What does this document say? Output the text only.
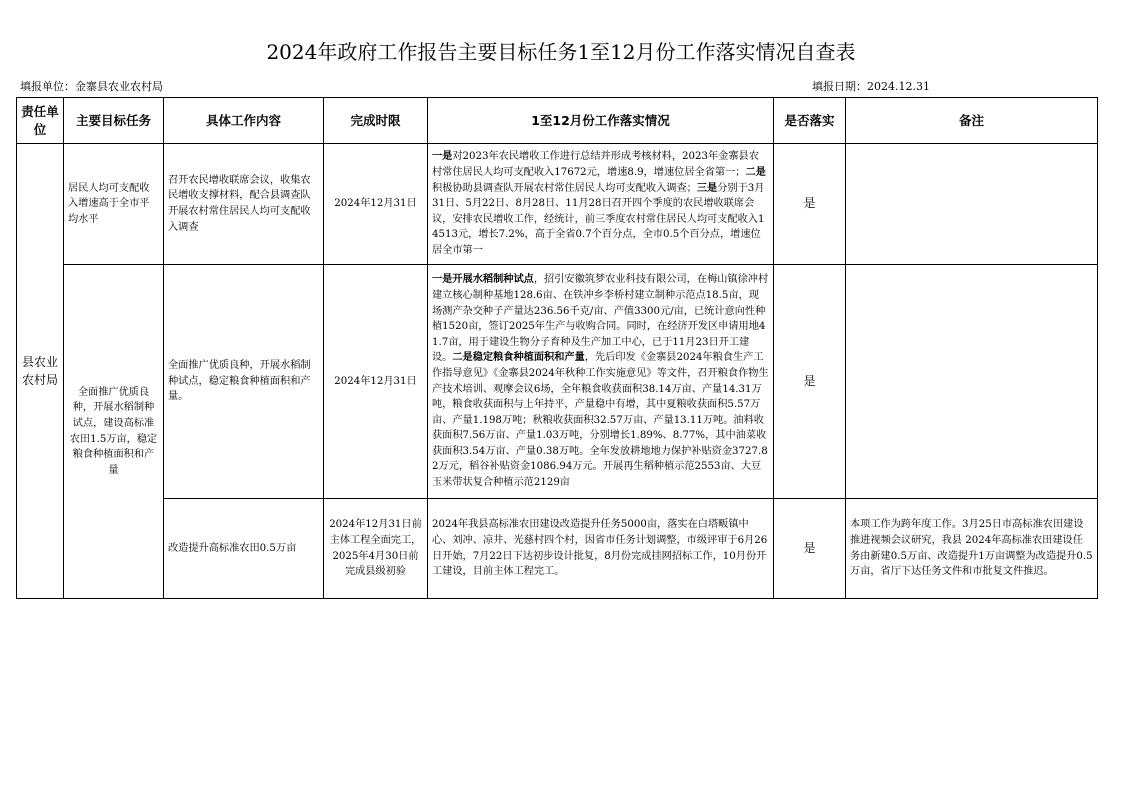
2024年政府工作报告主要目标任务1至12月份工作落实情况自查表
填报单位：金寨县农业农村局	填报日期：2024.12.31
责任单位	主要目标任务	具体工作内容	完成时限	1至12月份工作落实情况	是否落实	备注
县农业农村局	居民人均可支配收入增速高于全市平均水平	召开农民增收联席会议，收集农民增收支撑材料，配合县调查队开展农村常住居民人均可支配收入调查	2024年12月31日	一是对2023年农民增收工作进行总结并形成考核材料，2023年金寨县农村常住居民人均可支配收入17672元，增速8.9，增速位居全省第一；二是积极协助县调查队开展农村常住居民人均可支配收入调查；三是分别于3月31日、5月22日、8月28日、11月28日召开四个季度的农民增收联席会议，安排农民增收工作，经统计，前三季度农村常住居民人均可支配收入14513元，增长7.2%，高于全省0.7个百分点，全市0.5个百分点，增速位居全市第一	是	
	全面推广优质良种，开展水稻制种试点，建设高标准农田1.5万亩，稳定粮食种植面积和产量	全面推广优质良种，开展水稻制种试点，稳定粮食种植面积和产量。	2024年12月31日	一是开展水稻制种试点，招引安徽筑梦农业科技有限公司，在梅山镇徐冲村建立核心制种基地128.6亩、在铁冲乡李桥村建立制种示范点18.5亩，现场测产杂交种子产量达236.56千克/亩、产值3300元/亩，已统计意向性种植1520亩，签订2025年生产与收购合同。同时，在经济开发区申请用地41.7亩，用于建设生物分子育种及生产加工中心，已于11月23日开工建设。二是稳定粮食种植面积和产量，先后印发《金寨县2024年粮食生产工作指导意见》《金寨县2024年秋种工作实施意见》等文件，召开粮食作物生产技术培训、观摩会议6场，全年粮食收获面积38.14万亩、产量14.31万吨，粮食收获面积与上年持平，产量稳中有增，其中夏粮收获面积5.57万亩、产量1.198万吨；秋粮收获面积32.57万亩、产量13.11万吨。油料收获面积7.56万亩、产量1.03万吨，分别增长1.89%、8.77%，其中油菜收获面积3.54万亩、产量0.38万吨。全年发放耕地地力保护补贴资金3727.82万元，稻谷补贴资金1086.94万元。开展再生稻种植示范2553亩、大豆玉米带状复合种植示范2129亩	是	
		改造提升高标准农田0.5万亩	2024年12月31日前主体工程全面完工，2025年4月30日前完成县级初验	2024年我县高标准农田建设改造提升任务5000亩，落实在白塔畈镇中心、刘冲、凉井、光慈村四个村，因省市任务计划调整，市级评审于6月26日开始，7月22日下达初步设计批复，8月份完成挂网招标工作，10月份开工建设，目前主体工程完工。	是	本项工作为跨年度工作。3月25日市高标准农田建设推进视频会议研究，我县 2024年高标准农田建设任务由新建0.5万亩、改造提升1万亩调整为改造提升0.5万亩，省厅下达任务文件和市批复文件推迟。
